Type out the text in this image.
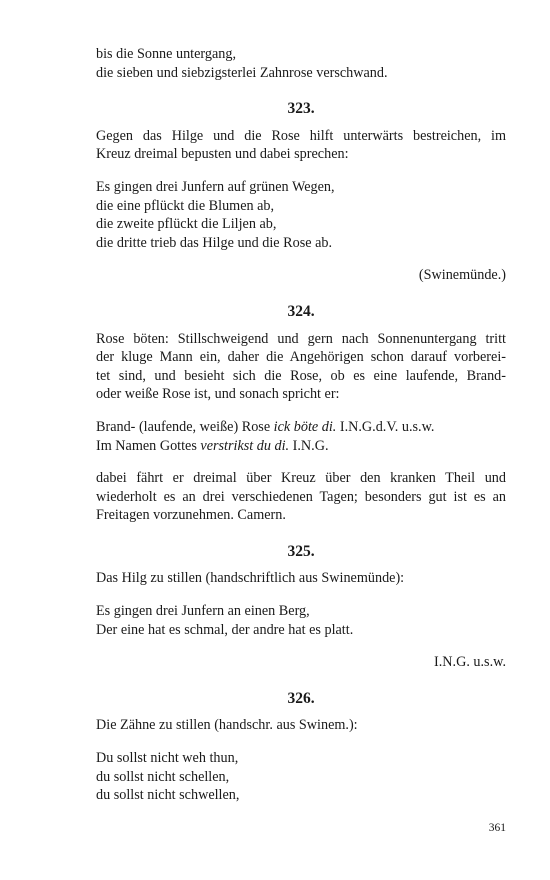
bis die Sonne untergang,
die sieben und siebzigsterlei Zahnrose verschwand.
323.
Gegen das Hilge und die Rose hilft unterwärts bestreichen, im
Kreuz dreimal bepusten und dabei sprechen:
Es gingen drei Junfern auf grünen Wegen,
die eine pflückt die Blumen ab,
die zweite pflückt die Liljen ab,
die dritte trieb das Hilge und die Rose ab.
(Swinemünde.)
324.
Rose böten: Stillschweigend und gern nach Sonnenuntergang tritt
der kluge Mann ein, daher die Angehörigen schon darauf vorberei-
tet sind, und besieht sich die Rose, ob es eine laufende, Brand-
oder weiße Rose ist, und sonach spricht er:
Brand- (laufende, weiße) Rose ick böte di. I.N.G.d.V. u.s.w.
Im Namen Gottes verstrikst du di. I.N.G.
dabei fährt er dreimal über Kreuz über den kranken Theil und
wiederholt es an drei verschiedenen Tagen; besonders gut ist es an
Freitagen vorzunehmen. Camern.
325.
Das Hilg zu stillen (handschriftlich aus Swinemünde):
Es gingen drei Junfern an einen Berg,
Der eine hat es schmal, der andre hat es platt.
I.N.G. u.s.w.
326.
Die Zähne zu stillen (handschr. aus Swinem.):
Du sollst nicht weh thun,
du sollst nicht schellen,
du sollst nicht schwellen,
361
